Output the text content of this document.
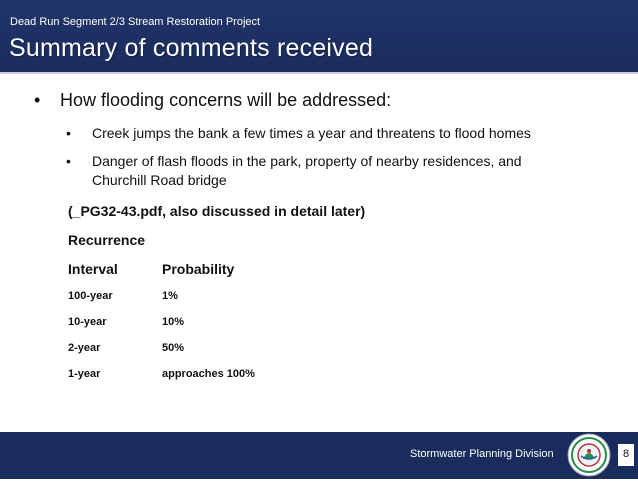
Dead Run Segment 2/3 Stream Restoration Project
Summary of comments received
• How flooding concerns will be addressed:
• Creek jumps the bank a few times a year and threatens to flood homes
• Danger of flash floods in the park, property of nearby residences, and Churchill Road bridge
(_PG32-43.pdf, also discussed in detail later)
Recurrence
Interval	Probability
100-year	1%
10-year	10%
2-year	50%
1-year	approaches 100%
Stormwater Planning Division	8
